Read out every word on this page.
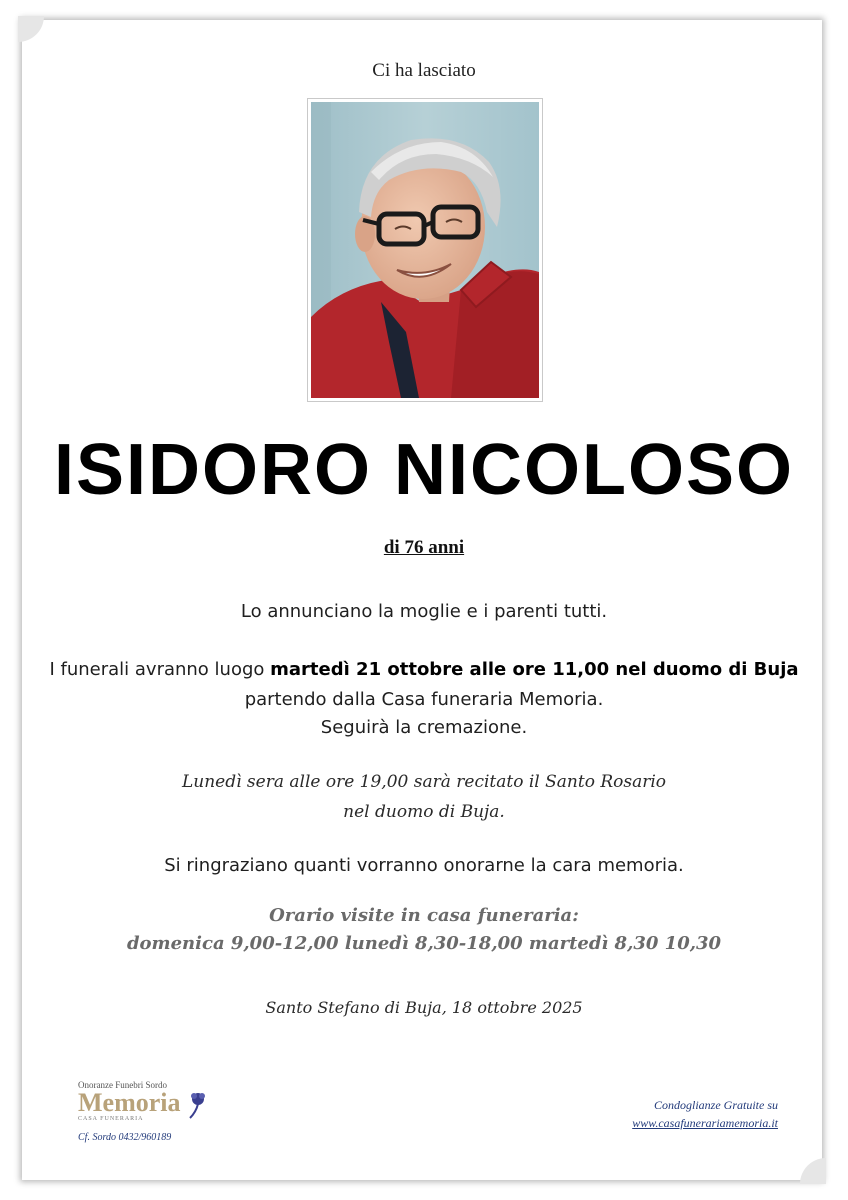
Ci ha lasciato
ISIDORO NICOLOSO
di 76 anni
Lo annunciano la moglie e i parenti tutti.
I funerali avranno luogo martedì 21 ottobre alle ore 11,00 nel duomo di Buja
partendo dalla Casa funeraria Memoria.
Seguirà la cremazione.
Lunedì sera alle ore 19,00 sarà recitato il Santo Rosario
nel duomo di Buja.
Si ringraziano quanti vorranno onorarne la cara memoria.
Orario visite in casa funeraria:
domenica 9,00-12,00 lunedì 8,30-18,00 martedì 8,30 10,30
Santo Stefano di Buja, 18 ottobre 2025
Onoranze Funebri Sordo
Memoria
CASA FUNERARIA
Cf. Sordo 0432/960189
Condoglianze Gratuite su
www.casafunerariamemoria.it
